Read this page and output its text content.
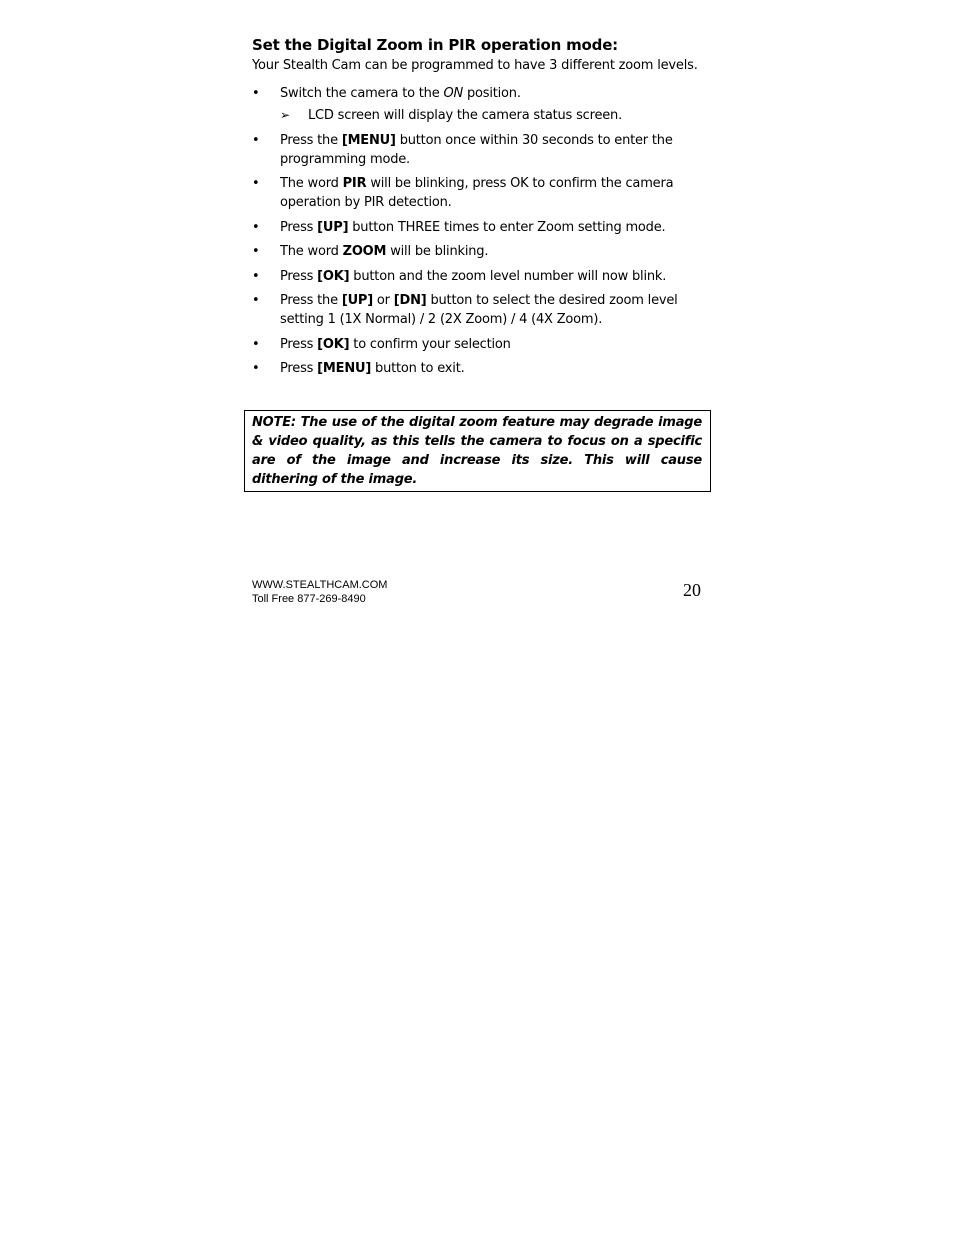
Set the Digital Zoom in PIR operation mode:

Your Stealth Cam can be programmed to have 3 different zoom levels.

•	Switch the camera to the ON position.
➢ LCD screen will display the camera status screen.
•	Press the [MENU] button once within 30 seconds to enter the programming mode.
•	The word PIR will be blinking, press OK to confirm the camera operation by PIR detection.
•	Press [UP] button THREE times to enter Zoom setting mode.
•	The word ZOOM will be blinking.
•	Press [OK] button and the zoom level number will now blink.
•	Press the [UP] or [DN] button to select the desired zoom level setting 1 (1X Normal) / 2 (2X Zoom) / 4 (4X Zoom).
•	Press [OK] to confirm your selection
•	Press [MENU] button to exit.
NOTE: The use of the digital zoom feature may degrade image & video quality, as this tells the camera to focus on a specific are of the image and increase its size. This will cause dithering of the image.
WWW.STEALTHCAM.COM
Toll Free 877-269-8490	20
